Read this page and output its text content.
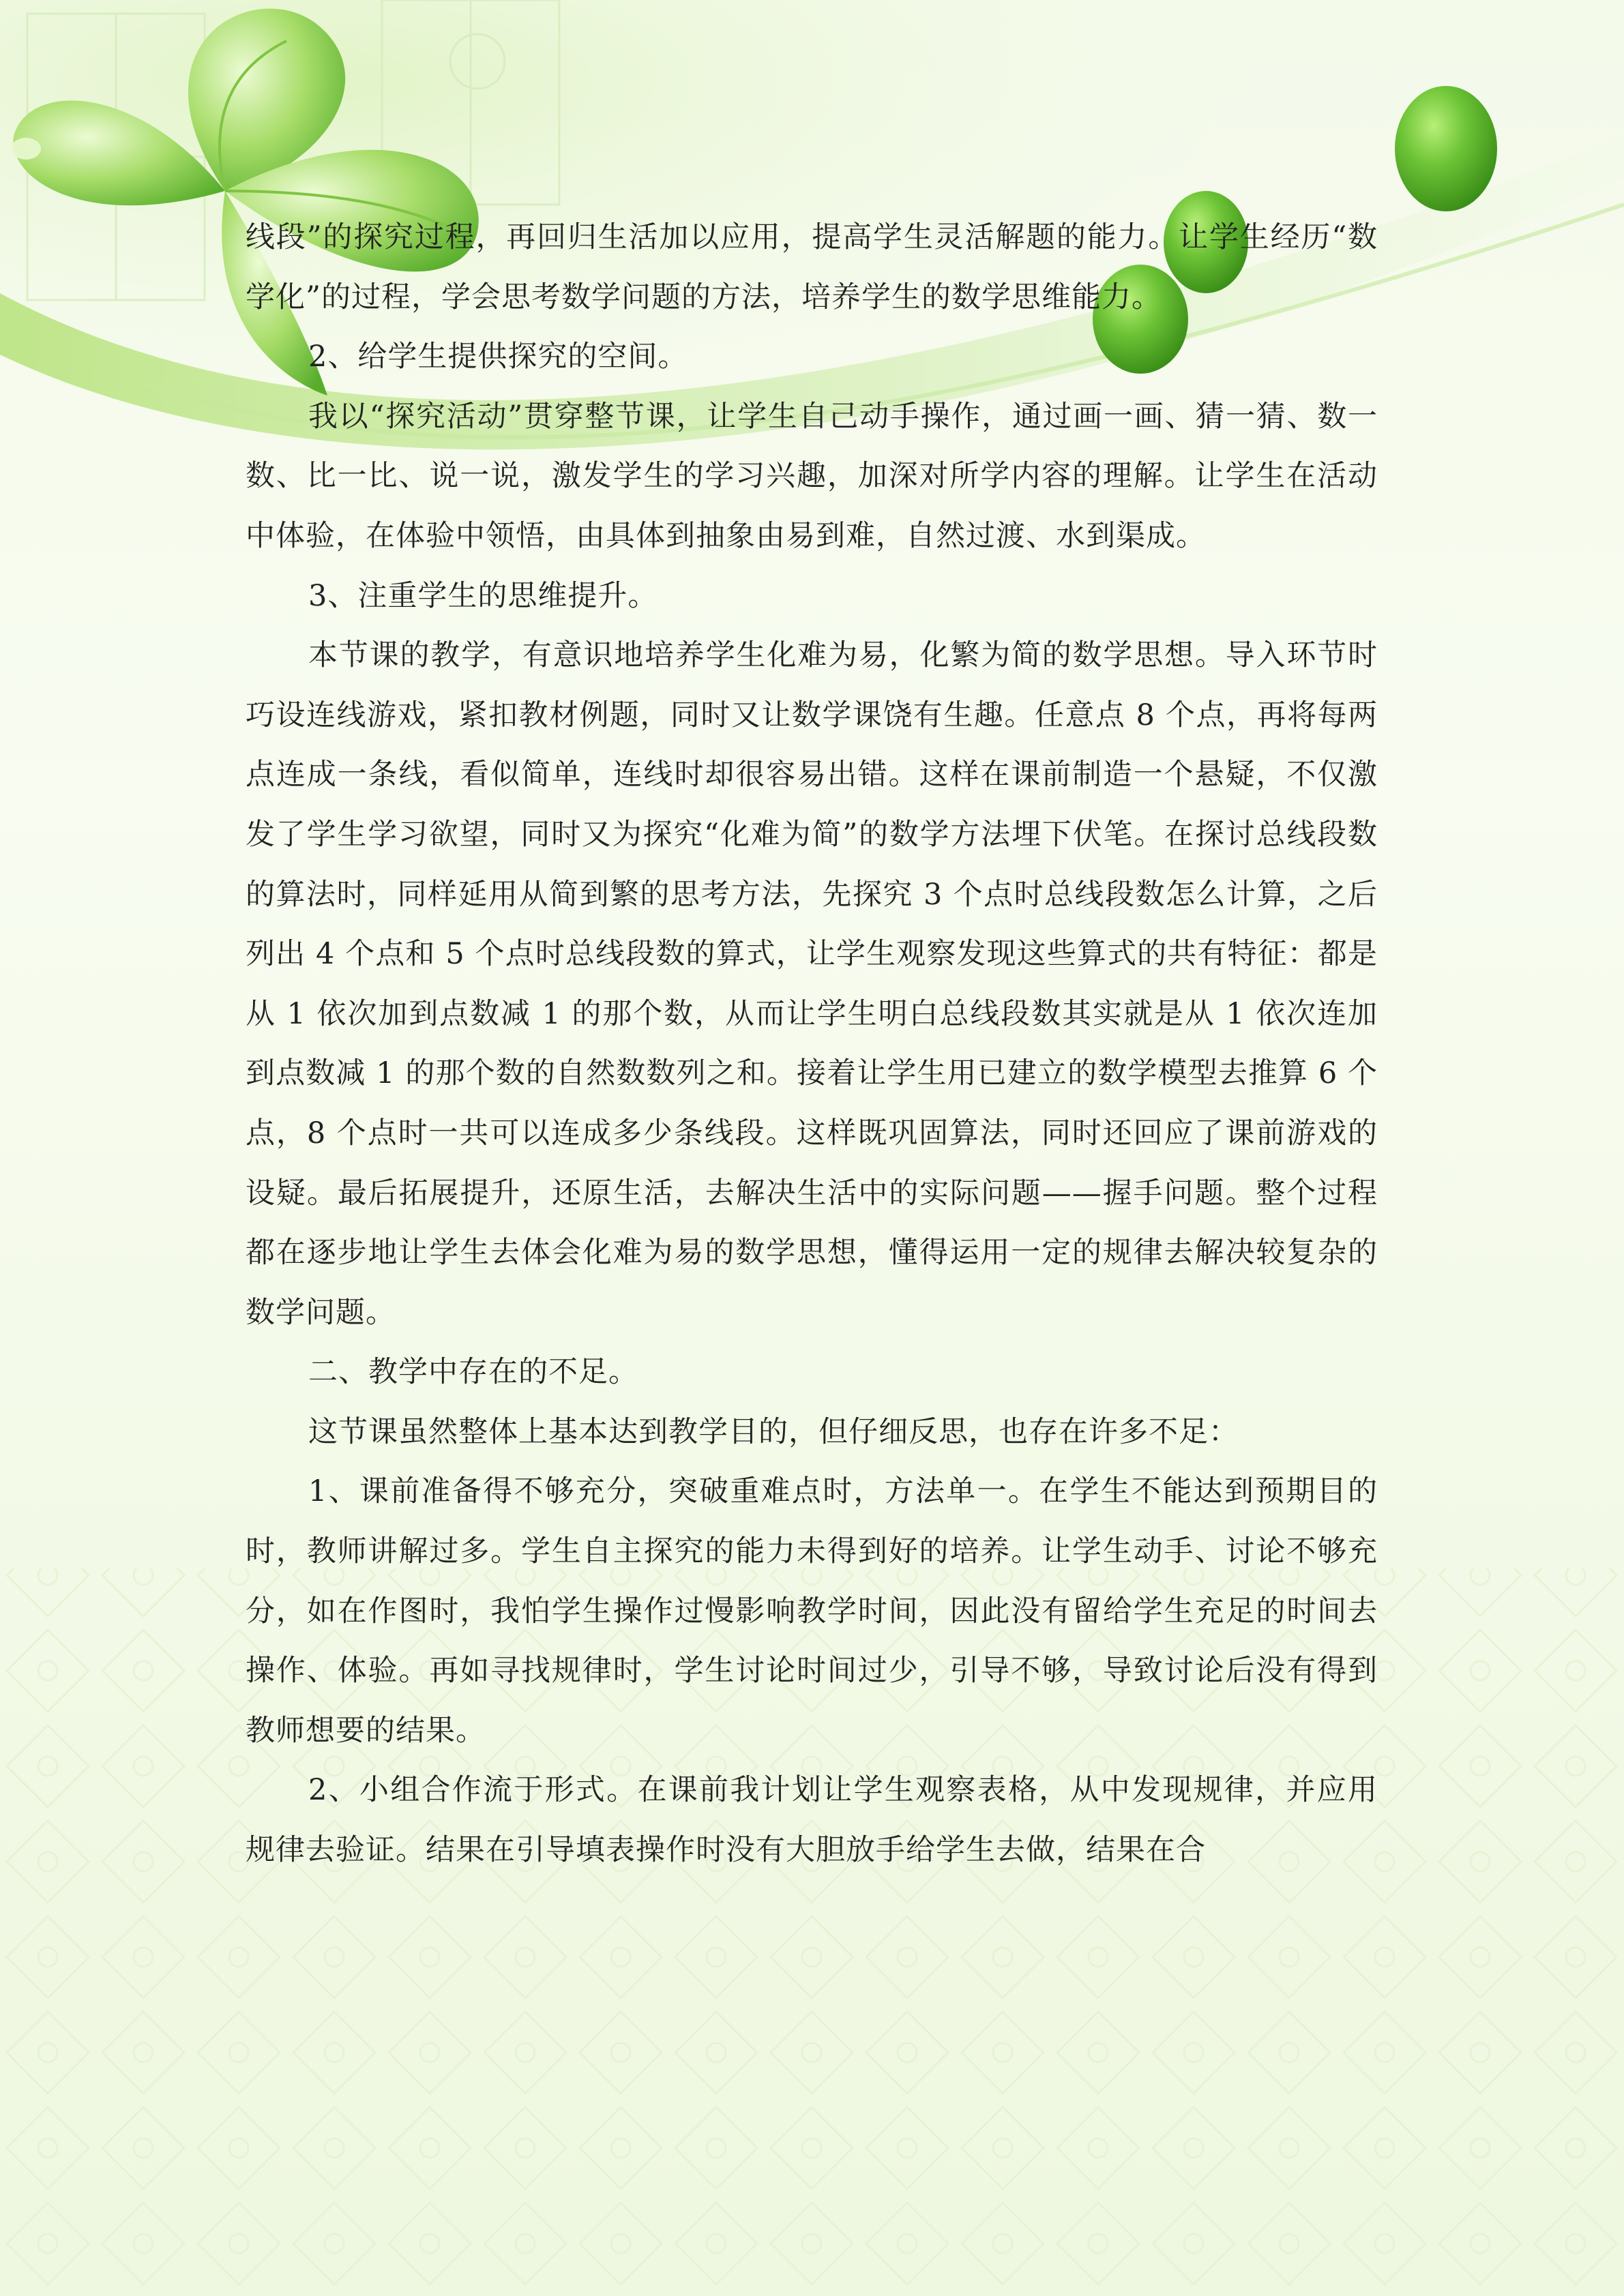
线段”的探究过程，再回归生活加以应用，提高学生灵活解题的能力。让学生经历“数学化”的过程，学会思考数学问题的方法，培养学生的数学思维能力。

2、给学生提供探究的空间。

我以“探究活动”贯穿整节课，让学生自己动手操作，通过画一画、猜一猜、数一数、比一比、说一说，激发学生的学习兴趣，加深对所学内容的理解。让学生在活动中体验，在体验中领悟，由具体到抽象由易到难，自然过渡、水到渠成。

3、注重学生的思维提升。

本节课的教学，有意识地培养学生化难为易，化繁为简的数学思想。导入环节时巧设连线游戏，紧扣教材例题，同时又让数学课饶有生趣。任意点 8 个点，再将每两点连成一条线，看似简单，连线时却很容易出错。这样在课前制造一个悬疑，不仅激发了学生学习欲望，同时又为探究“化难为简”的数学方法埋下伏笔。在探讨总线段数的算法时，同样延用从简到繁的思考方法，先探究 3 个点时总线段数怎么计算，之后列出 4 个点和 5 个点时总线段数的算式，让学生观察发现这些算式的共有特征：都是从 1 依次加到点数减 1 的那个数，从而让学生明白总线段数其实就是从 1 依次连加到点数减 1 的那个数的自然数数列之和。接着让学生用已建立的数学模型去推算 6 个点，8 个点时一共可以连成多少条线段。这样既巩固算法，同时还回应了课前游戏的设疑。最后拓展提升，还原生活，去解决生活中的实际问题——握手问题。整个过程都在逐步地让学生去体会化难为易的数学思想，懂得运用一定的规律去解决较复杂的数学问题。

二、教学中存在的不足。

这节课虽然整体上基本达到教学目的，但仔细反思，也存在许多不足：

1、课前准备得不够充分，突破重难点时，方法单一。在学生不能达到预期目的时，教师讲解过多。学生自主探究的能力未得到好的培养。让学生动手、讨论不够充分，如在作图时，我怕学生操作过慢影响教学时间，因此没有留给学生充足的时间去操作、体验。再如寻找规律时，学生讨论时间过少，引导不够，导致讨论后没有得到教师想要的结果。

2、小组合作流于形式。在课前我计划让学生观察表格，从中发现规律，并应用规律去验证。结果在引导填表操作时没有大胆放手给学生去做，结果在合
